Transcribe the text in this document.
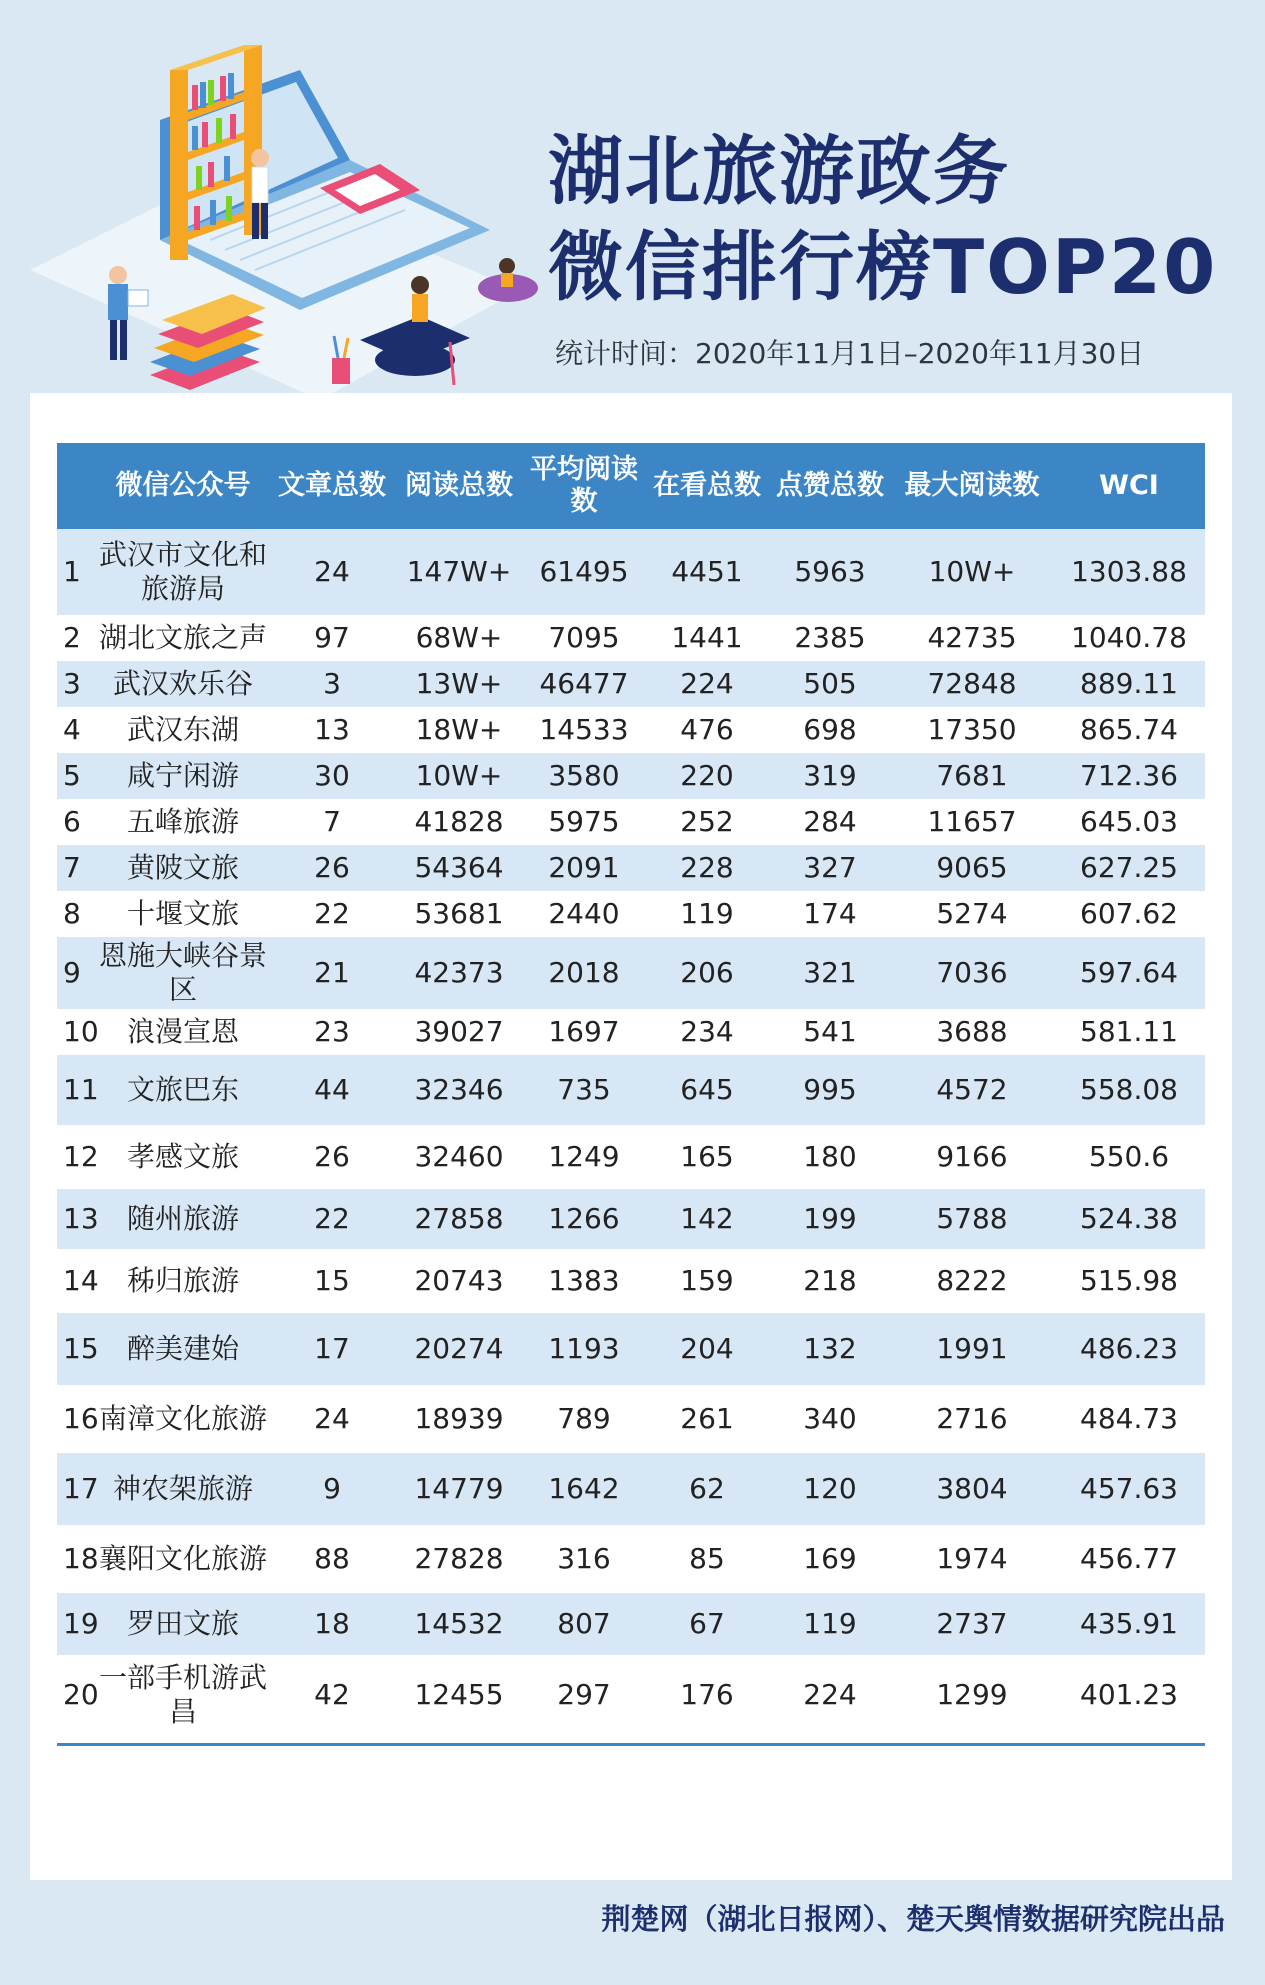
湖北旅游政务
微信排行榜TOP20
统计时间：2020年11月1日–2020年11月30日
	微信公众号	文章总数	阅读总数	平均阅读数	在看总数	点赞总数	最大阅读数	WCI
1	武汉市文化和旅游局	24	147W+	61495	4451	5963	10W+	1303.88
2	湖北文旅之声	97	68W+	7095	1441	2385	42735	1040.78
3	武汉欢乐谷	3	13W+	46477	224	505	72848	889.11
4	武汉东湖	13	18W+	14533	476	698	17350	865.74
5	咸宁闲游	30	10W+	3580	220	319	7681	712.36
6	五峰旅游	7	41828	5975	252	284	11657	645.03
7	黄陂文旅	26	54364	2091	228	327	9065	627.25
8	十堰文旅	22	53681	2440	119	174	5274	607.62
9	恩施大峡谷景区	21	42373	2018	206	321	7036	597.64
10	浪漫宣恩	23	39027	1697	234	541	3688	581.11
11	文旅巴东	44	32346	735	645	995	4572	558.08
12	孝感文旅	26	32460	1249	165	180	9166	550.6
13	随州旅游	22	27858	1266	142	199	5788	524.38
14	秭归旅游	15	20743	1383	159	218	8222	515.98
15	醉美建始	17	20274	1193	204	132	1991	486.23
16	南漳文化旅游	24	18939	789	261	340	2716	484.73
17	神农架旅游	9	14779	1642	62	120	3804	457.63
18	襄阳文化旅游	88	27828	316	85	169	1974	456.77
19	罗田文旅	18	14532	807	67	119	2737	435.91
20	一部手机游武昌	42	12455	297	176	224	1299	401.23
荆楚网（湖北日报网）、楚天舆情数据研究院出品
